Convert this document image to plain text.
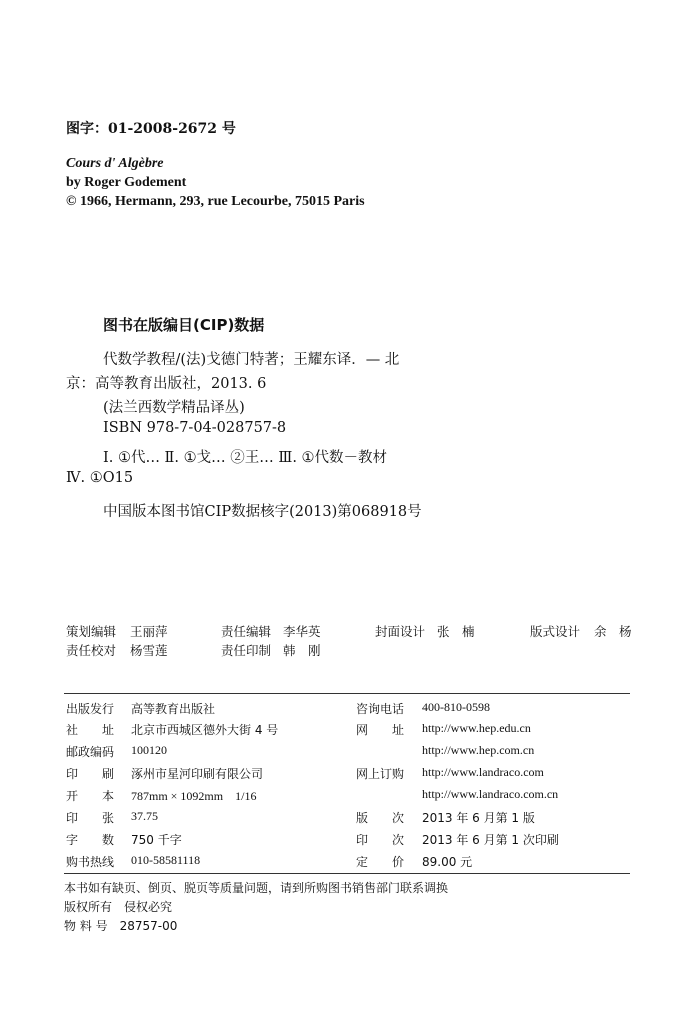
图字：01-2008-2672 号
Cours d' Algèbre
by Roger Godement
© 1966, Hermann, 293, rue Lecourbe, 75015 Paris
图书在版编目(CIP)数据
代数学教程/(法)戈德门特著；王耀东译．— 北
京：高等教育出版社，2013. 6
(法兰西数学精品译丛)
ISBN 978-7-04-028757-8
Ⅰ. ①代… Ⅱ. ①戈… ②王… Ⅲ. ①代数－教材
Ⅳ. ①O15
中国版本图书馆CIP数据核字(2013)第068918号
策划编辑 王丽萍	责任编辑 李华英	封面设计 张　楠	版式设计 余　杨
责任校对 杨雪莲	责任印制 韩　刚
出版发行 高等教育出版社	咨询电话 400-810-0598
社　　址 北京市西城区德外大街 4 号	网　　址 http://www.hep.edu.cn
邮政编码 100120	http://www.hep.com.cn
印　　刷 涿州市星河印刷有限公司	网上订购 http://www.landraco.com
开　　本 787mm × 1092mm　1/16	http://www.landraco.com.cn
印　　张 37.75	版　　次 2013 年 6 月第 1 版
字　　数 750 千字	印　　次 2013 年 6 月第 1 次印刷
购书热线 010-58581118	定　　价 89.00 元
本书如有缺页、倒页、脱页等质量问题，请到所购图书销售部门联系调换
版权所有　侵权必究
物 料 号　28757-00
